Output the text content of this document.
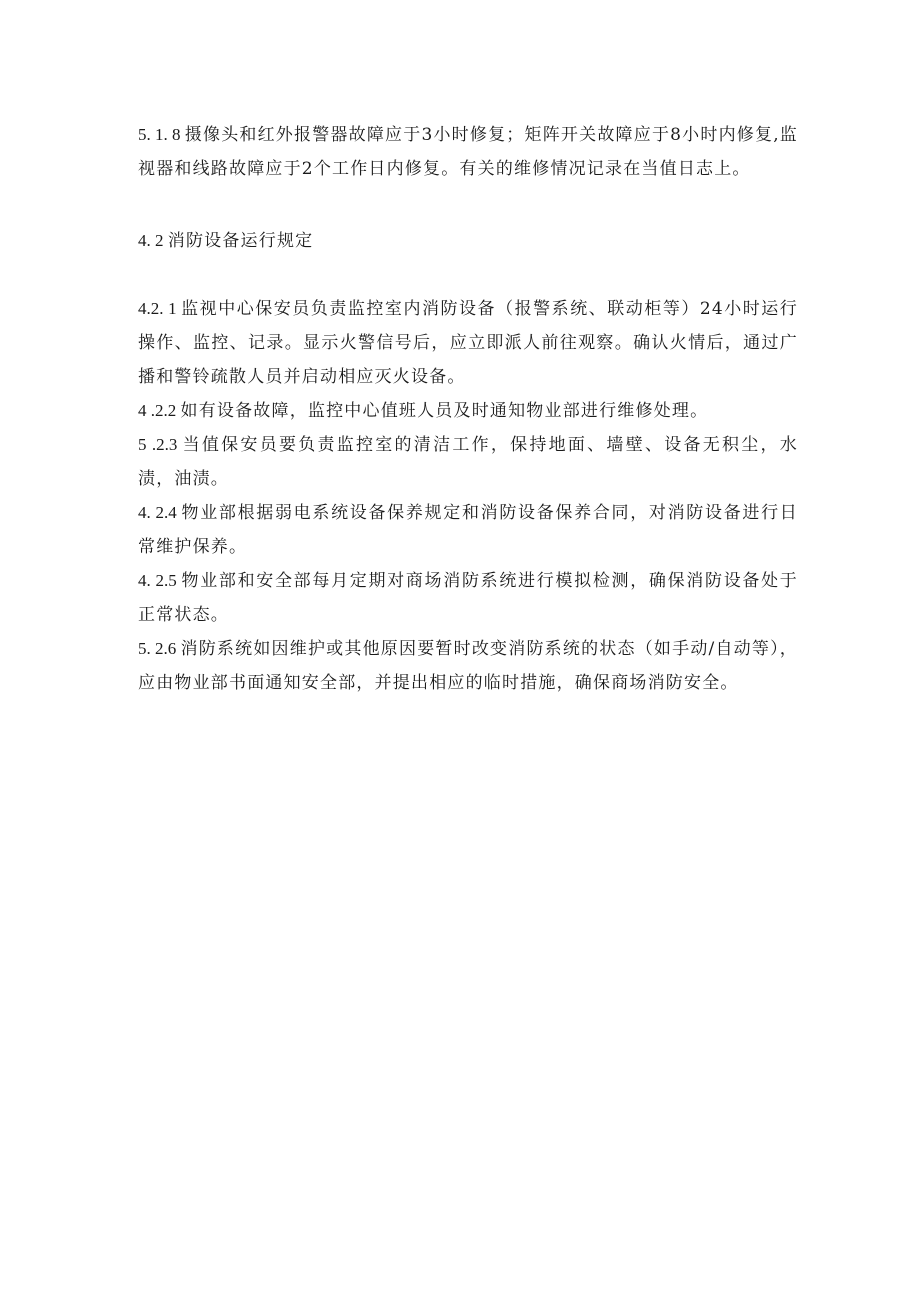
5. 1. 8 摄像头和红外报警器故障应于3小时修复；矩阵开关故障应于8小时内修复,监视器和线路故障应于2个工作日内修复。有关的维修情况记录在当值日志上。

4. 2 消防设备运行规定

4.2. 1 监视中心保安员负责监控室内消防设备（报警系统、联动柜等）24小时运行操作、监控、记录。显示火警信号后，应立即派人前往观察。确认火情后，通过广播和警铃疏散人员并启动相应灭火设备。

4 .2.2 如有设备故障，监控中心值班人员及时通知物业部进行维修处理。

5 .2.3 当值保安员要负责监控室的清洁工作，保持地面、墙壁、设备无积尘，水渍，油渍。

4. 2.4 物业部根据弱电系统设备保养规定和消防设备保养合同，对消防设备进行日常维护保养。

4. 2.5 物业部和安全部每月定期对商场消防系统进行模拟检测，确保消防设备处于正常状态。

5. 2.6 消防系统如因维护或其他原因要暂时改变消防系统的状态（如手动/自动等），应由物业部书面通知安全部，并提出相应的临时措施，确保商场消防安全。
